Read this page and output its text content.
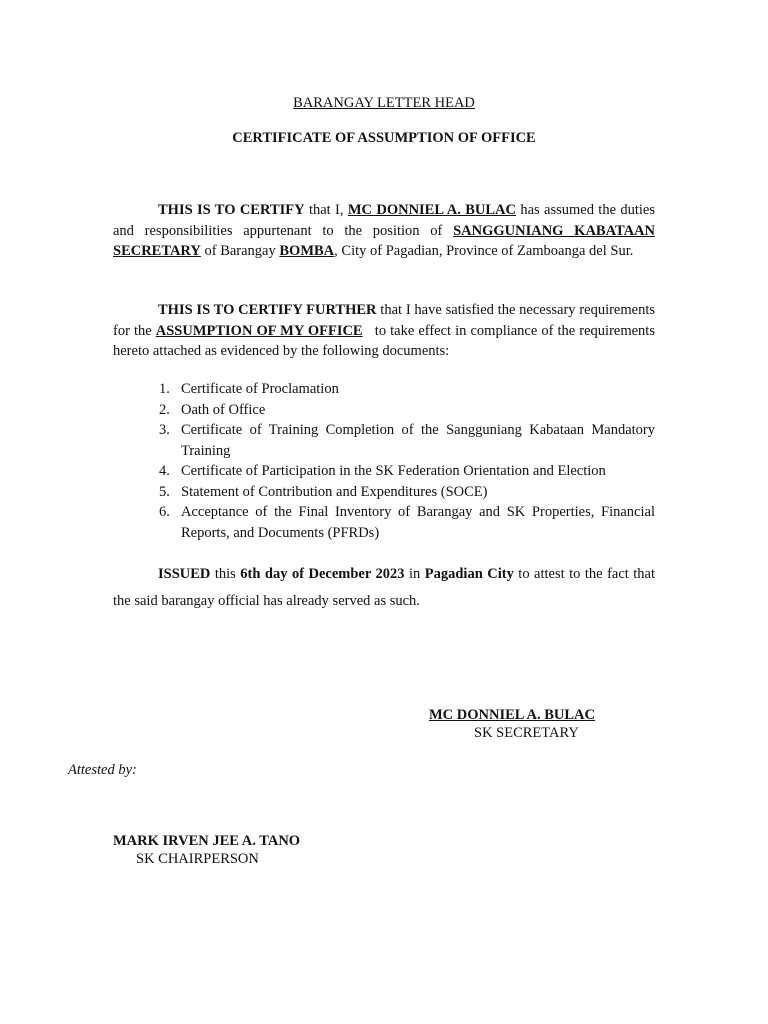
BARANGAY LETTER HEAD
CERTIFICATE OF ASSUMPTION OF OFFICE

THIS IS TO CERTIFY that I, MC DONNIEL A. BULAC has assumed the duties and responsibilities appurtenant to the position of SANGGUNIANG KABATAAN SECRETARY of Barangay BOMBA, City of Pagadian, Province of Zamboanga del Sur.

THIS IS TO CERTIFY FURTHER that I have satisfied the necessary requirements for the ASSUMPTION OF MY OFFICE   to take effect in compliance of the requirements hereto attached as evidenced by the following documents:

1. Certificate of Proclamation
2. Oath of Office
3. Certificate of Training Completion of the Sangguniang Kabataan Mandatory Training
4. Certificate of Participation in the SK Federation Orientation and Election
5. Statement of Contribution and Expenditures (SOCE)
6. Acceptance of the Final Inventory of Barangay and SK Properties, Financial Reports, and Documents (PFRDs)

ISSUED this 6th day of December 2023 in Pagadian City to attest to the fact that the said barangay official has already served as such.

MC DONNIEL A. BULAC
SK SECRETARY
Attested by:
MARK IRVEN JEE A. TANO
SK CHAIRPERSON
